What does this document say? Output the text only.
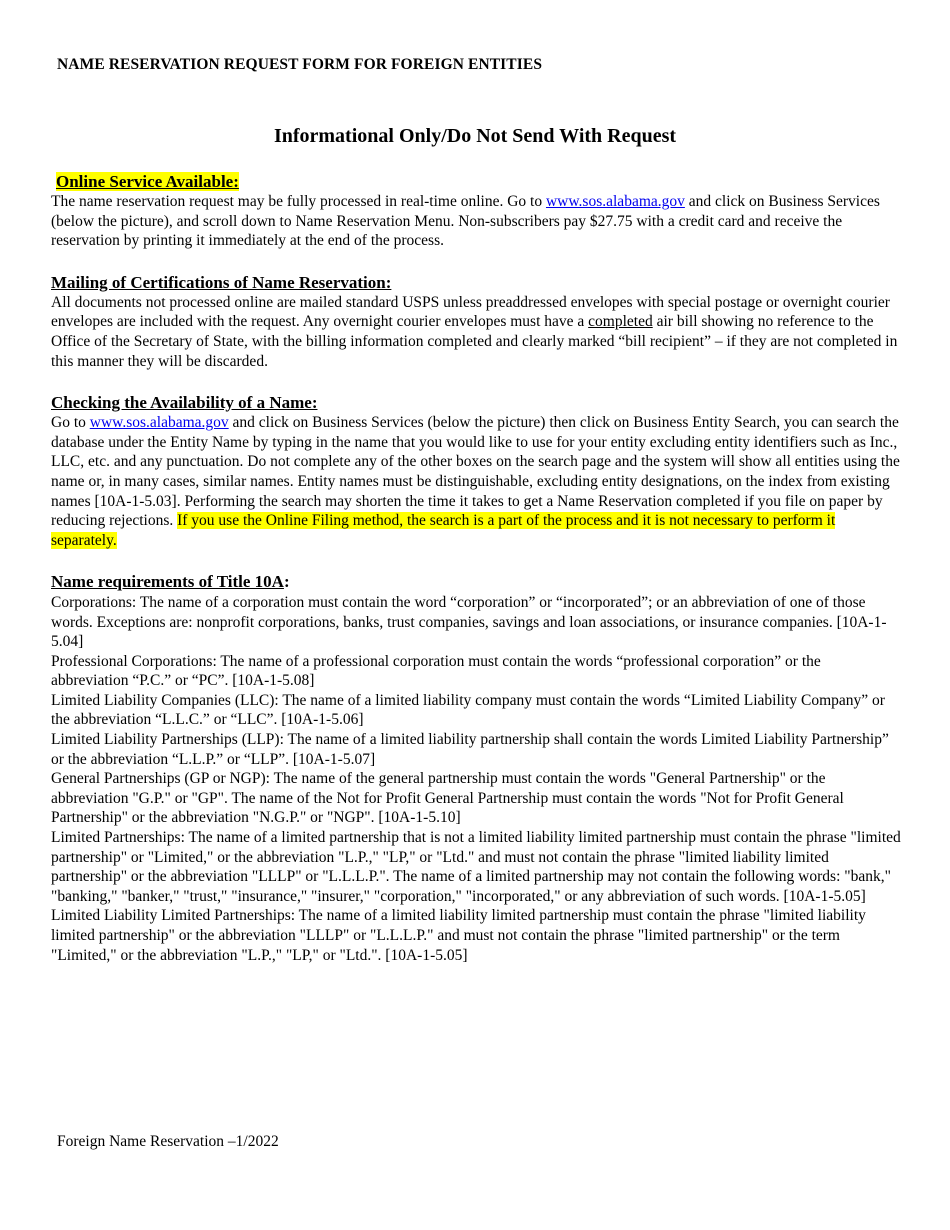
NAME RESERVATION REQUEST FORM FOR FOREIGN ENTITIES
Informational Only/Do Not Send With Request
Online Service Available:

The name reservation request may be fully processed in real-time online. Go to www.sos.alabama.gov and click on Business Services (below the picture), and scroll down to Name Reservation Menu. Non-subscribers pay $27.75 with a credit card and receive the reservation by printing it immediately at the end of the process.

Mailing of Certifications of Name Reservation:

All documents not processed online are mailed standard USPS unless preaddressed envelopes with special postage or overnight courier envelopes are included with the request. Any overnight courier envelopes must have a completed air bill showing no reference to the Office of the Secretary of State, with the billing information completed and clearly marked “bill recipient” – if they are not completed in this manner they will be discarded.

Checking the Availability of a Name:

Go to www.sos.alabama.gov and click on Business Services (below the picture) then click on Business Entity Search, you can search the database under the Entity Name by typing in the name that you would like to use for your entity excluding entity identifiers such as Inc., LLC, etc. and any punctuation. Do not complete any of the other boxes on the search page and the system will show all entities using the name or, in many cases, similar names. Entity names must be distinguishable, excluding entity designations, on the index from existing names [10A-1-5.03]. Performing the search may shorten the time it takes to get a Name Reservation completed if you file on paper by reducing rejections. If you use the Online Filing method, the search is a part of the process and it is not necessary to perform it separately.

Name requirements of Title 10A:

Corporations: The name of a corporation must contain the word “corporation” or “incorporated”; or an abbreviation of one of those words. Exceptions are: nonprofit corporations, banks, trust companies, savings and loan associations, or insurance companies. [10A-1-5.04]

Professional Corporations: The name of a professional corporation must contain the words “professional corporation” or the abbreviation “P.C.” or “PC”. [10A-1-5.08]

Limited Liability Companies (LLC): The name of a limited liability company must contain the words “Limited Liability Company” or the abbreviation “L.L.C.” or “LLC”. [10A-1-5.06]

Limited Liability Partnerships (LLP): The name of a limited liability partnership shall contain the words Limited Liability Partnership” or the abbreviation “L.L.P.” or “LLP”. [10A-1-5.07]

General Partnerships (GP or NGP): The name of the general partnership must contain the words "General Partnership" or the abbreviation "G.P." or "GP". The name of the Not for Profit General Partnership must contain the words "Not for Profit General Partnership" or the abbreviation "N.G.P." or "NGP". [10A-1-5.10]

Limited Partnerships: The name of a limited partnership that is not a limited liability limited partnership must contain the phrase "limited partnership" or "Limited," or the abbreviation "L.P.," "LP," or "Ltd." and must not contain the phrase "limited liability limited partnership" or the abbreviation "LLLP" or "L.L.L.P.". The name of a limited partnership may not contain the following words: "bank," "banking," "banker," "trust," "insurance," "insurer," "corporation," "incorporated," or any abbreviation of such words. [10A-1-5.05]

Limited Liability Limited Partnerships: The name of a limited liability limited partnership must contain the phrase "limited liability limited partnership" or the abbreviation "LLLP" or "L.L.L.P." and must not contain the phrase "limited partnership" or the term "Limited," or the abbreviation "L.P.," "LP," or "Ltd.". [10A-1-5.05]

Foreign Name Reservation –1/2022
